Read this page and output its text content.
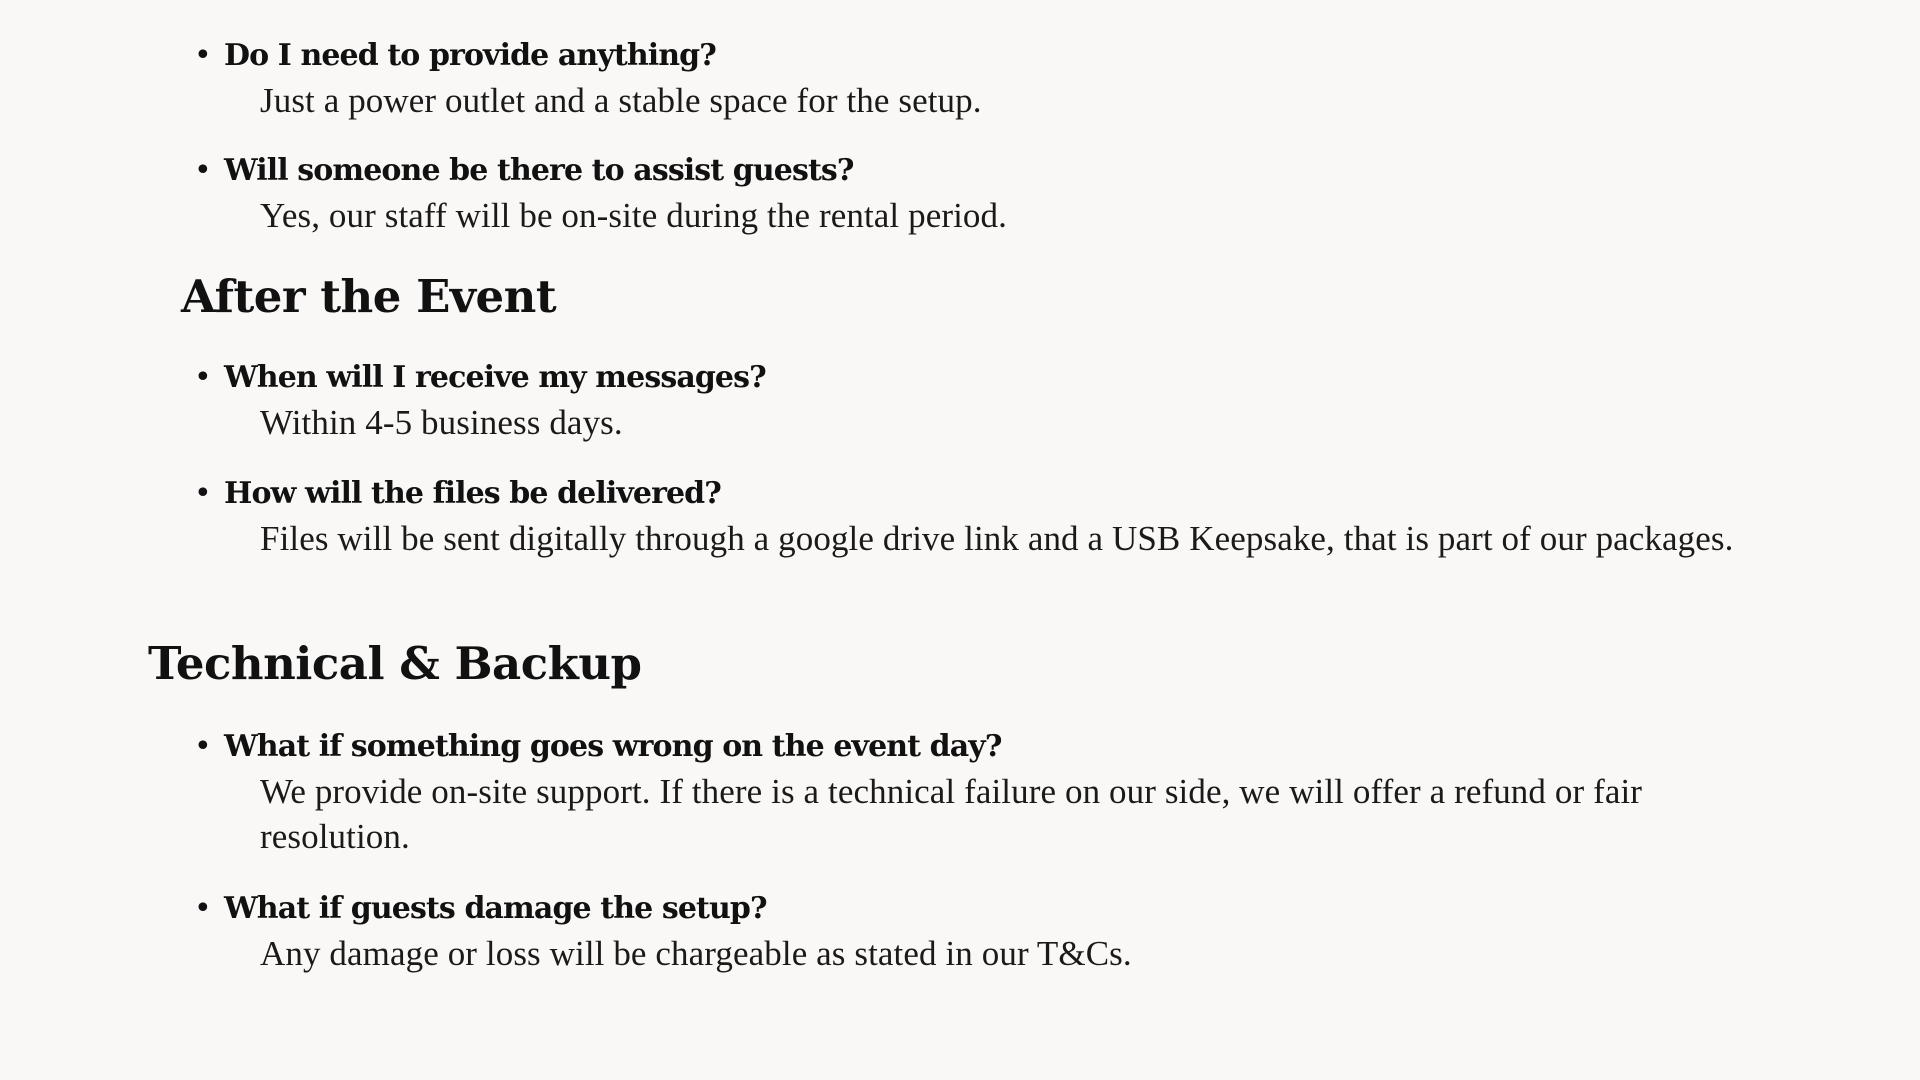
• Do I need to provide anything?
Just a power outlet and a stable space for the setup.
• Will someone be there to assist guests?
Yes, our staff will be on-site during the rental period.
After the Event
• When will I receive my messages?
Within 4-5 business days.
• How will the files be delivered?
Files will be sent digitally through a google drive link and a USB Keepsake, that is part of our packages.
Technical & Backup
• What if something goes wrong on the event day?
We provide on-site support. If there is a technical failure on our side, we will offer a refund or fair resolution.
• What if guests damage the setup?
Any damage or loss will be chargeable as stated in our T&Cs.
